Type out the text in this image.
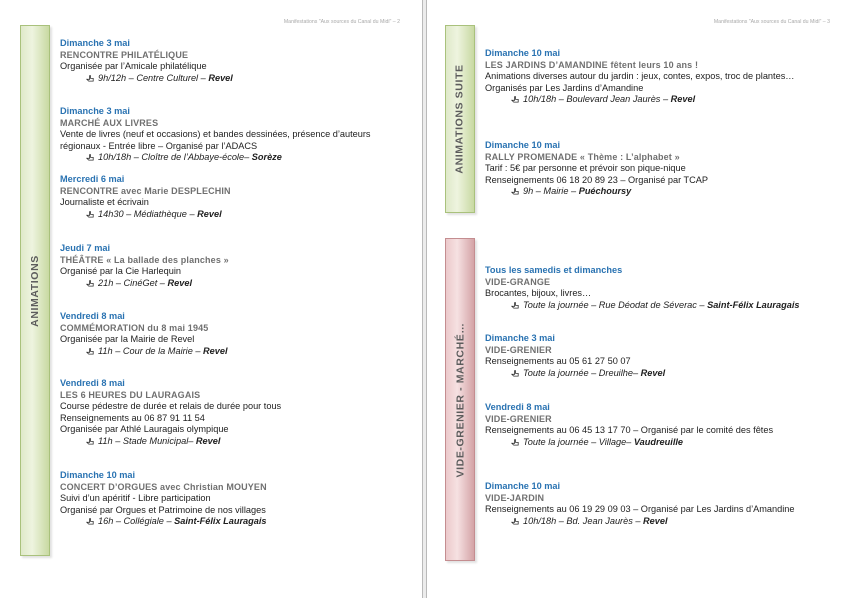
Manifestations "Aux sources du Canal du Midi" – 2
ANIMATIONS
Dimanche 3 mai
RENCONTRE PHILATÉLIQUE
Organisée par l’Amicale philatélique
9h/12h – Centre Culturel – Revel
Dimanche 3 mai
MARCHÉ AUX LIVRES
Vente de livres (neuf et occasions) et bandes dessinées, présence d’auteurs
régionaux - Entrée libre – Organisé par l’ADACS
10h/18h – Cloître de l’Abbaye-école– Sorèze
Mercredi 6 mai
RENCONTRE avec Marie DESPLECHIN
Journaliste et écrivain
14h30 – Médiathèque – Revel
Jeudi 7 mai
THÉÂTRE « La ballade des planches »
Organisé par la Cie Harlequin
21h – CinéGet – Revel
Vendredi 8 mai
COMMÉMORATION du 8 mai 1945
Organisée par la Mairie de Revel
11h – Cour de la Mairie – Revel
Vendredi 8 mai
LES 6 HEURES DU LAURAGAIS
Course pédestre de durée et relais de durée pour tous
Renseignements au 06 87 91 11 54
Organisée par Athlé Lauragais olympique
11h – Stade Municipal– Revel
Dimanche 10 mai
CONCERT D’ORGUES avec Christian MOUYEN
Suivi d’un apéritif - Libre participation
Organisé par Orgues et Patrimoine de nos villages
16h – Collégiale – Saint-Félix Lauragais
Manifestations "Aux sources du Canal du Midi" – 3
ANIMATIONS SUITE
VIDE-GRENIER - MARCHÉ…
Dimanche 10 mai
LES JARDINS D’AMANDINE fêtent leurs 10 ans !
Animations diverses autour du jardin : jeux, contes, expos, troc de plantes…
Organisés par Les Jardins d’Amandine
10h/18h – Boulevard Jean Jaurès – Revel
Dimanche 10 mai
RALLY PROMENADE « Thème : L’alphabet »
Tarif : 5€ par personne et prévoir son pique-nique
Renseignements 06 18 20 89 23 – Organisé par TCAP
9h – Mairie – Puéchoursy
Tous les samedis et dimanches
VIDE-GRANGE
Brocantes, bijoux, livres…
Toute la journée – Rue Déodat de Séverac – Saint-Félix Lauragais
Dimanche 3 mai
VIDE-GRENIER
Renseignements au 05 61 27 50 07
Toute la journée – Dreuilhe– Revel
Vendredi 8 mai
VIDE-GRENIER
Renseignements au 06 45 13 17 70 – Organisé par le comité des fêtes
Toute la journée – Village– Vaudreuille
Dimanche 10 mai
VIDE-JARDIN
Renseignements au 06 19 29 09 03 – Organisé par Les Jardins d’Amandine
10h/18h – Bd. Jean Jaurès – Revel
